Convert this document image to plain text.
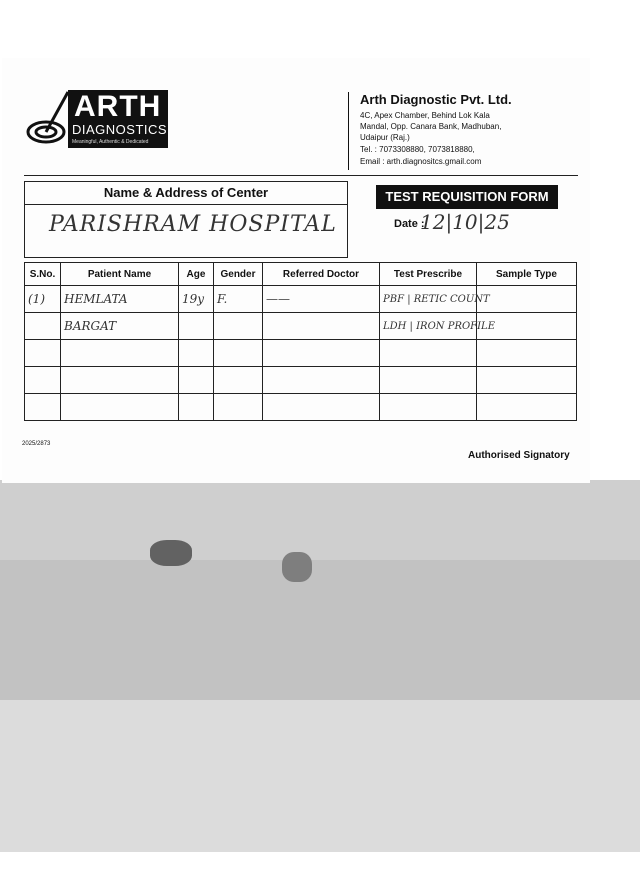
ARTH
DIAGNOSTICS
Meaningful, Authentic & Dedicated
Arth Diagnostic Pvt. Ltd.
4C, Apex Chamber, Behind Lok Kala Mandal, Opp. Canara Bank, Madhuban, Udaipur (Raj.)
Tel. : 7073308880, 7073818880,
Email : arth.diagnositcs.gmail.com
Name & Address of Center
PARISHRAM HOSPITAL
TEST REQUISITION FORM
Date :
12|10|25
S.No.	Patient Name	Age	Gender	Referred Doctor	Test Prescribe	Sample Type
(1)	HEMLATA	19y	F.	——	PBF | RETIC COUNT	
	BARGAT				LDH | IRON PROFILE	

2025/2873
Authorised Signatory
